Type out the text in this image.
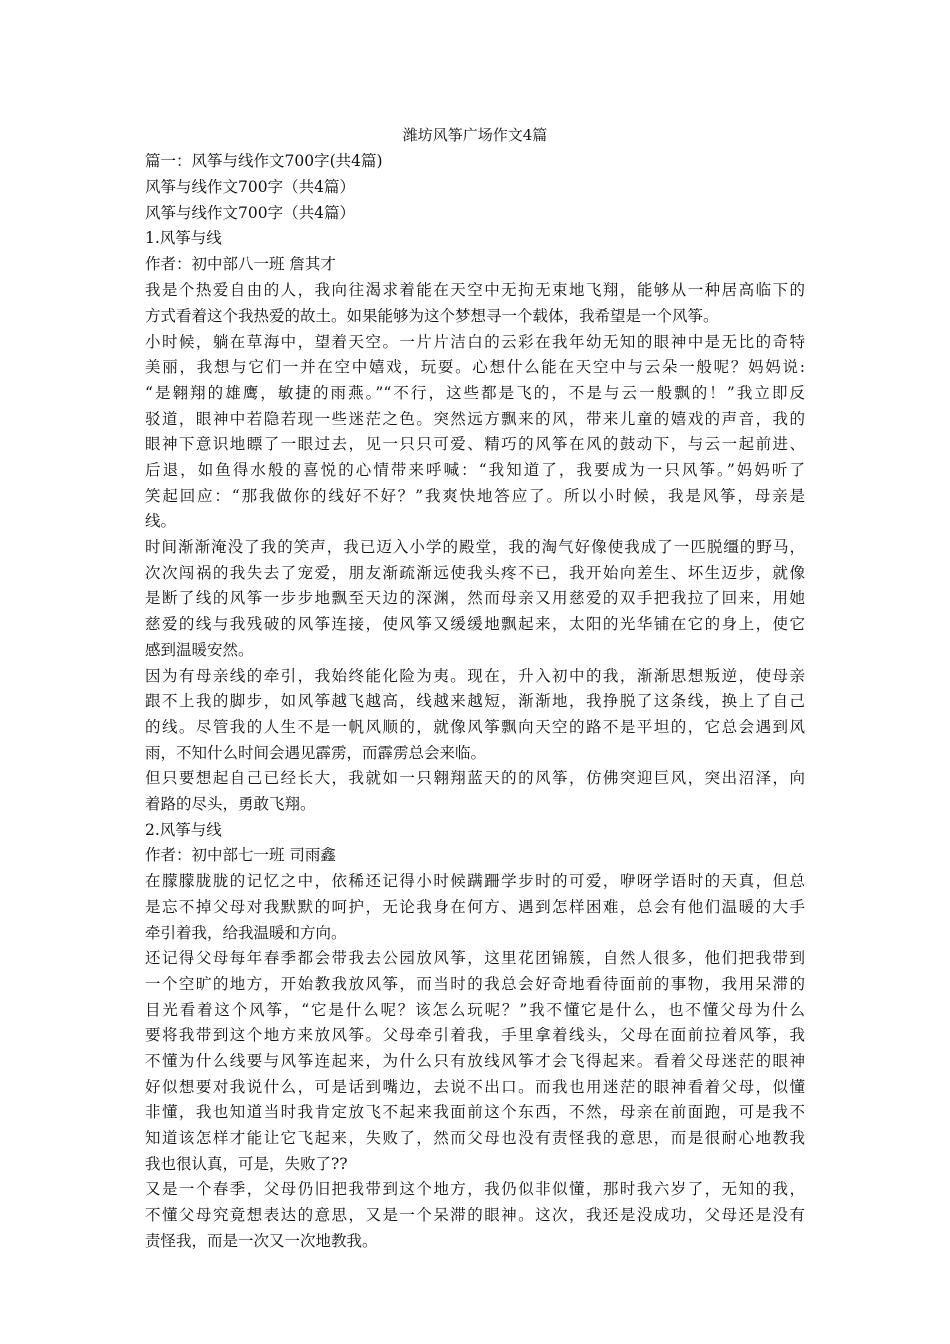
潍坊风筝广场作文4篇
篇一：风筝与线作文700字(共4篇)
风筝与线作文700字（共4篇）
风筝与线作文700字（共4篇）
1.风筝与线
作者：初中部八一班 詹其才
我是个热爱自由的人，我向往渴求着能在天空中无拘无束地飞翔，能够从一种居高临下的
方式看着这个我热爱的故土。如果能够为这个梦想寻一个载体，我希望是一个风筝。
小时候，躺在草海中，望着天空。一片片洁白的云彩在我年幼无知的眼神中是无比的奇特
美丽，我想与它们一并在空中嬉戏，玩耍。心想什么能在天空中与云朵一般呢？妈妈说:
“是翱翔的雄鹰，敏捷的雨燕。”“不行，这些都是飞的，不是与云一般飘的！”我立即反
驳道，眼神中若隐若现一些迷茫之色。突然远方飘来的风，带来儿童的嬉戏的声音，我的
眼神下意识地瞟了一眼过去，见一只只可爱、精巧的风筝在风的鼓动下，与云一起前进、
后退，如鱼得水般的喜悦的心情带来呼喊：“我知道了，我要成为一只风筝。”妈妈听了
笑起回应：“那我做你的线好不好？”我爽快地答应了。所以小时候，我是风筝，母亲是
线。
时间渐渐淹没了我的笑声，我已迈入小学的殿堂，我的淘气好像使我成了一匹脱缰的野马，
次次闯祸的我失去了宠爱，朋友渐疏渐远使我头疼不已，我开始向差生、坏生迈步，就像
是断了线的风筝一步步地飘至天边的深渊，然而母亲又用慈爱的双手把我拉了回来，用她
慈爱的线与我残破的风筝连接，使风筝又缓缓地飘起来，太阳的光华铺在它的身上，使它
感到温暖安然。
因为有母亲线的牵引，我始终能化险为夷。现在，升入初中的我，渐渐思想叛逆，使母亲
跟不上我的脚步，如风筝越飞越高，线越来越短，渐渐地，我挣脱了这条线，换上了自己
的线。尽管我的人生不是一帆风顺的，就像风筝飘向天空的路不是平坦的，它总会遇到风
雨，不知什么时间会遇见霹雳，而霹雳总会来临。
但只要想起自己已经长大，我就如一只翱翔蓝天的的风筝，仿佛突迎巨风，突出沼泽，向
着路的尽头，勇敢飞翔。
2.风筝与线
作者：初中部七一班 司雨鑫
在朦朦胧胧的记忆之中，依稀还记得小时候蹒跚学步时的可爱，咿呀学语时的天真，但总
是忘不掉父母对我默默的呵护，无论我身在何方、遇到怎样困难，总会有他们温暖的大手
牵引着我，给我温暖和方向。
还记得父母每年春季都会带我去公园放风筝，这里花团锦簇，自然人很多，他们把我带到
一个空旷的地方，开始教我放风筝，而当时的我总会好奇地看待面前的事物，我用呆滞的
目光看着这个风筝，“它是什么呢？该怎么玩呢？”我不懂它是什么，也不懂父母为什么
要将我带到这个地方来放风筝。父母牵引着我，手里拿着线头，父母在面前拉着风筝，我
不懂为什么线要与风筝连起来，为什么只有放线风筝才会飞得起来。看着父母迷茫的眼神
好似想要对我说什么，可是话到嘴边，去说不出口。而我也用迷茫的眼神看着父母，似懂
非懂，我也知道当时我肯定放飞不起来我面前这个东西，不然，母亲在前面跑，可是我不
知道该怎样才能让它飞起来，失败了，然而父母也没有责怪我的意思，而是很耐心地教我
我也很认真，可是，失败了??
又是一个春季，父母仍旧把我带到这个地方，我仍似非似懂，那时我六岁了，无知的我，
不懂父母究竟想表达的意思，又是一个呆滞的眼神。这次，我还是没成功，父母还是没有
责怪我，而是一次又一次地教我。
